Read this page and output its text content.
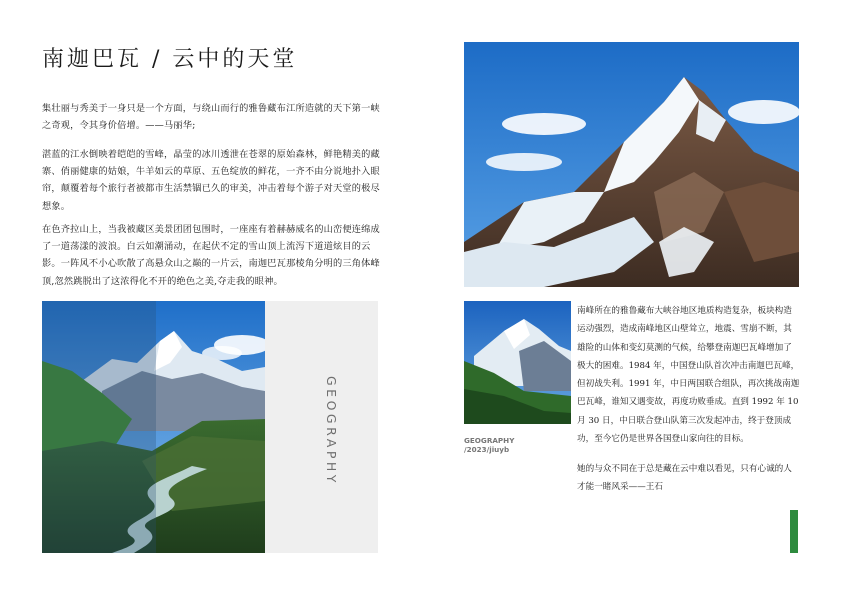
南迦巴瓦 / 云中的天堂

集壮丽与秀美于一身只是一个方面，与绕山而行的雅鲁藏布江所造就的天下第一峡之奇观，令其身价倍增。——马丽华;

湛蓝的江水倒映着皑皑的雪峰，晶莹的冰川透泄在苍翠的原始森林，鲜艳精美的藏寨、俏丽健康的姑娘，牛羊如云的草原、五色绽放的鲜花，一齐不由分说地扑入眼帘，颠覆着每个旅行者被都市生活禁锢已久的审美，冲击着每个游子对天堂的极尽想象。

在色齐拉山上，当我被藏区美景团团包围时，一座座有着赫赫威名的山峦便连绵成了一道荡漾的波浪。白云如潮涌动，在起伏不定的雪山顶上流泻下道道炫目的云影。一阵风不小心吹散了高悬众山之巅的一片云，南迦巴瓦那棱角分明的三角体峰顶,忽然跳脱出了这浓得化不开的绝色之美,夺走我的眼神。

GEOGRAPHY	GEOGRAPHY
/2023/jiuyb

南峰所在的雅鲁藏布大峡谷地区地质构造复杂，板块构造运动强烈，造成南峰地区山壁耸立，地震、雪崩不断，其雄险的山体和变幻莫测的气候，给攀登南迦巴瓦峰增加了极大的困难。1984 年，中国登山队首次冲击南迦巴瓦峰，但初战失利。1991 年，中日两国联合组队，再次挑战南迦巴瓦峰，谁知又遇变故，再度功败垂成。直到 1992 年 10 月 30 日，中日联合登山队第三次发起冲击，终于登顶成功，至今它仍是世界各国登山家向往的目标。

她的与众不同在于总是藏在云中难以看见，只有心诚的人才能一睹风采——王石
